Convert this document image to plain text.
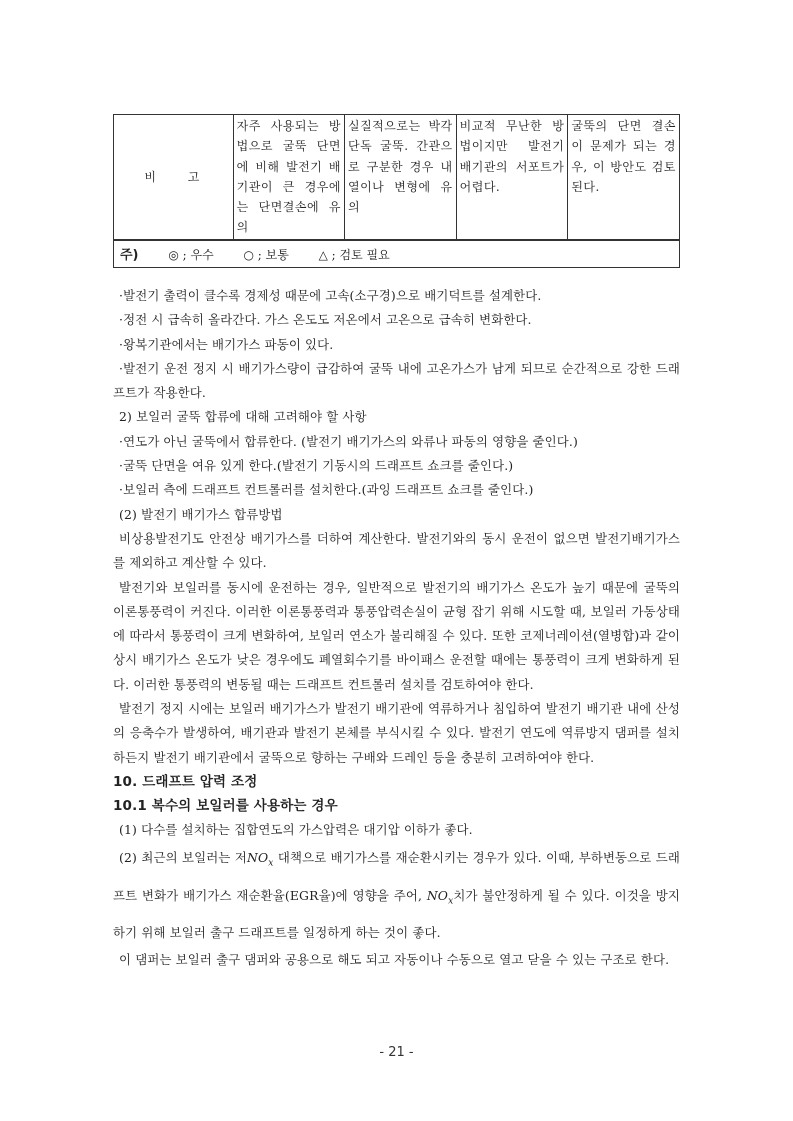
비 고	자주 사용되는 방법으로 굴뚝 단면에 비해 발전기 배기관이 큰 경우에는 단면결손에 유의	실질적으로는 박각단독 굴뚝. 간관으로 구분한 경우 내열이나 변형에 유의	비교적 무난한 방법이지만 발전기 배기관의 서포트가 어렵다.	굴뚝의 단면 결손이 문제가 되는 경우, 이 방안도 검토된다.
주) ◎ ; 우수 ○ ; 보통 △ ; 검토 필요

·발전기 출력이 클수록 경제성 때문에 고속(소구경)으로 배기덕트를 설계한다.

·정전 시 급속히 올라간다. 가스 온도도 저온에서 고온으로 급속히 변화한다.

·왕복기관에서는 배기가스 파동이 있다.

·발전기 운전 정지 시 배기가스량이 급감하여 굴뚝 내에 고온가스가 남게 되므로 순간적으로 강한 드래프트가 작용한다.

2) 보일러 굴뚝 합류에 대해 고려해야 할 사항

·연도가 아닌 굴뚝에서 합류한다. (발전기 배기가스의 와류나 파동의 영향을 줄인다.)

·굴뚝 단면을 여유 있게 한다.(발전기 기동시의 드래프트 쇼크를 줄인다.)

·보일러 측에 드래프트 컨트롤러를 설치한다.(과잉 드래프트 쇼크를 줄인다.)

(2) 발전기 배기가스 합류방법

비상용발전기도 안전상 배기가스를 더하여 계산한다. 발전기와의 동시 운전이 없으면 발전기배기가스를 제외하고 계산할 수 있다.

발전기와 보일러를 동시에 운전하는 경우, 일반적으로 발전기의 배기가스 온도가 높기 때문에 굴뚝의 이론통풍력이 커진다. 이러한 이론통풍력과 통풍압력손실이 균형 잡기 위해 시도할 때, 보일러 가동상태에 따라서 통풍력이 크게 변화하여, 보일러 연소가 불리해질 수 있다. 또한 코제너레이션(열병합)과 같이 상시 배기가스 온도가 낮은 경우에도 폐열회수기를 바이패스 운전할 때에는 통풍력이 크게 변화하게 된다. 이러한 통풍력의 변동될 때는 드래프트 컨트롤러 설치를 검토하여야 한다.

발전기 정지 시에는 보일러 배기가스가 발전기 배기관에 역류하거나 침입하여 발전기 배기관 내에 산성의 응축수가 발생하여, 배기관과 발전기 본체를 부식시킬 수 있다. 발전기 연도에 역류방지 댐퍼를 설치하든지 발전기 배기관에서 굴뚝으로 향하는 구배와 드레인 등을 충분히 고려하여야 한다.

10. 드래프트 압력 조정

10.1 복수의 보일러를 사용하는 경우

(1) 다수를 설치하는 집합연도의 가스압력은 대기압 이하가 좋다.

(2) 최근의 보일러는 저$NO_x$ 대책으로 배기가스를 재순환시키는 경우가 있다. 이때, 부하변동으로 드래프트 변화가 배기가스 재순환율(EGR율)에 영향을 주어, $NO_x$치가 불안정하게 될 수 있다. 이것을 방지하기 위해 보일러 출구 드래프트를 일정하게 하는 것이 좋다.

이 댐퍼는 보일러 출구 댐퍼와 공용으로 해도 되고 자동이나 수동으로 열고 닫을 수 있는 구조로 한다.

- 21 -
